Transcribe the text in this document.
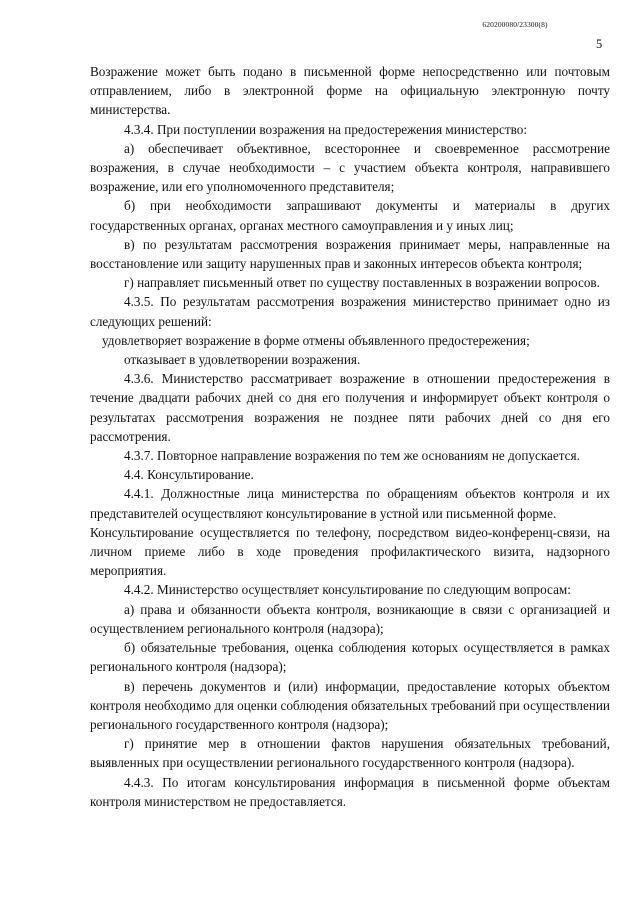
620200080/23300(8)
5

Возражение может быть подано в письменной форме непосредственно или почтовым отправлением, либо в электронной форме на официальную электронную почту министерства.

4.3.4. При поступлении возражения на предостережения министерство:

а) обеспечивает объективное, всестороннее и своевременное рассмотрение возражения, в случае необходимости – с участием объекта контроля, направившего возражение, или его уполномоченного представителя;

б) при необходимости запрашивают документы и материалы в других государственных органах, органах местного самоуправления и у иных лиц;

в) по результатам рассмотрения возражения принимает меры, направленные на восстановление или защиту нарушенных прав и законных интересов объекта контроля;

г) направляет письменный ответ по существу поставленных в возражении вопросов.

4.3.5. По результатам рассмотрения возражения министерство принимает одно из следующих решений:

удовлетворяет возражение в форме отмены объявленного предостережения;

отказывает в удовлетворении возражения.

4.3.6. Министерство рассматривает возражение в отношении предостережения в течение двадцати рабочих дней со дня его получения и информирует объект контроля о результатах рассмотрения возражения не позднее пяти рабочих дней со дня его рассмотрения.

4.3.7. Повторное направление возражения по тем же основаниям не допускается.

4.4. Консультирование.

4.4.1. Должностные лица министерства по обращениям объектов контроля и их представителей осуществляют консультирование в устной или письменной форме.

Консультирование осуществляется по телефону, посредством видео-конференц-связи, на личном приеме либо в ходе проведения профилактического визита, надзорного мероприятия.

4.4.2. Министерство осуществляет консультирование по следующим вопросам:

а) права и обязанности объекта контроля, возникающие в связи с организацией и осуществлением регионального контроля (надзора);

б) обязательные требования, оценка соблюдения которых осуществляется в рамках регионального контроля (надзора);

в) перечень документов и (или) информации, предоставление которых объектом контроля необходимо для оценки соблюдения обязательных требований при осуществлении регионального государственного контроля (надзора);

г) принятие мер в отношении фактов нарушения обязательных требований, выявленных при осуществлении регионального государственного контроля (надзора).

4.4.3. По итогам консультирования информация в письменной форме объектам контроля министерством не предоставляется.
